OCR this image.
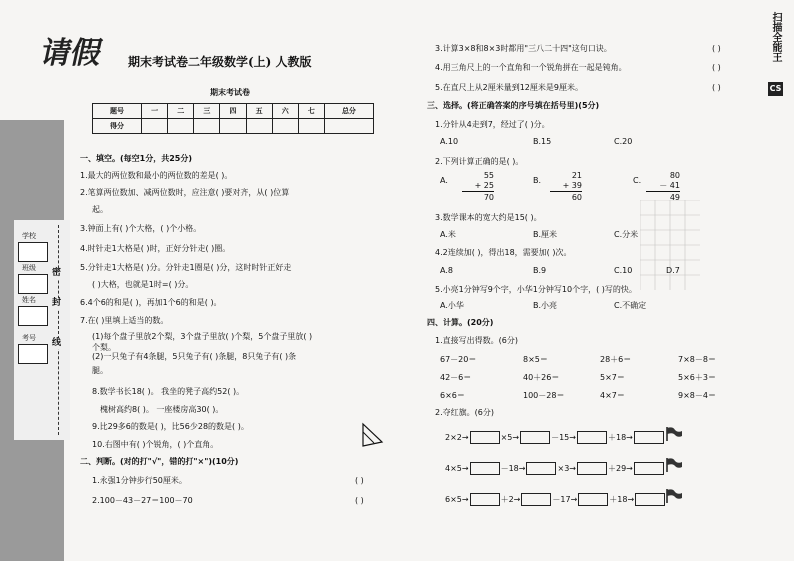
请假 期末考试卷二年级数学(上) 人教版
期末考试卷
题号	一	二	三	四	五	六	七	总分
得分								
学校
班级
姓名
考号
密
封
线
一、填空。(每空1分，共25分)
1.最大的两位数和最小的两位数的差是( )。
2.笔算两位数加、减两位数时，应注意( )要对齐，从( )位算
起。
3.钟面上有( )个大格，( )个小格。
4.时针走1大格是( )时，正好分针走( )圈。
5.分针走1大格是( )分。分针走1圈是( )分，这时时针正好走
( )大格，也就是1时=( )分。
6.4个6的和是( )，再加1个6的和是( )。
7.在( )里填上适当的数。
(1)每个盘子里放2个梨，3个盘子里放( )个梨，5个盘子里放( )
个梨。
(2)一只兔子有4条腿，5只兔子有( )条腿，8只兔子有( )条
腿。
8.数学书长18( )。 我坐的凳子高约52( )。
槐树高约8( )。 一座楼房高30( )。
9.比29多6的数是( )，比56少28的数是( )。
10.右图中有( )个锐角，( )个直角。
二、判断。(对的打"√"，错的打"×")(10分)
1.永强1分钟步行50厘米。	( )
2.100－43－27＝100－70	( )
3.计算3×8和8×3时都用"三八二十四"这句口诀。	( )
4.用三角尺上的一个直角和一个锐角拼在一起是钝角。	( )
5.在直尺上从2厘米量到12厘米是9厘米。	( )
三、选择。(将正确答案的序号填在括号里)(5分)
1.分针从4走到7，经过了( )分。
A.10	B.15	C.20
2.下列计算正确的是( )。
A.
55
+ 25
70
B.
21
+ 39
60
C.
80
－ 41
49
3.数学课本的宽大约是15( )。
A.米	B.厘米	C.分米
4.2连续加( )，得出18，需要加( )次。
A.8	B.9	C.10	D.7
5.小亮1分钟写9个字，小华1分钟写10个字，( )写的快。
A.小华	B.小亮	C.不确定
四、计算。(20分)
1.直接写出得数。(6分)
67－20＝	8×5＝	28＋6＝	7×8－8＝
42－6＝	40＋26＝	5×7＝	5×6＋3＝
6×6＝	100－28＝	4×7＝	9×8－4＝
2.夺红旗。(6分)
2×2→	×5→	－15→	＋18→
4×5→	－18→	×3→	＋29→
6×5→	＋2→	－17→	＋18→
CS
扫描全能王
